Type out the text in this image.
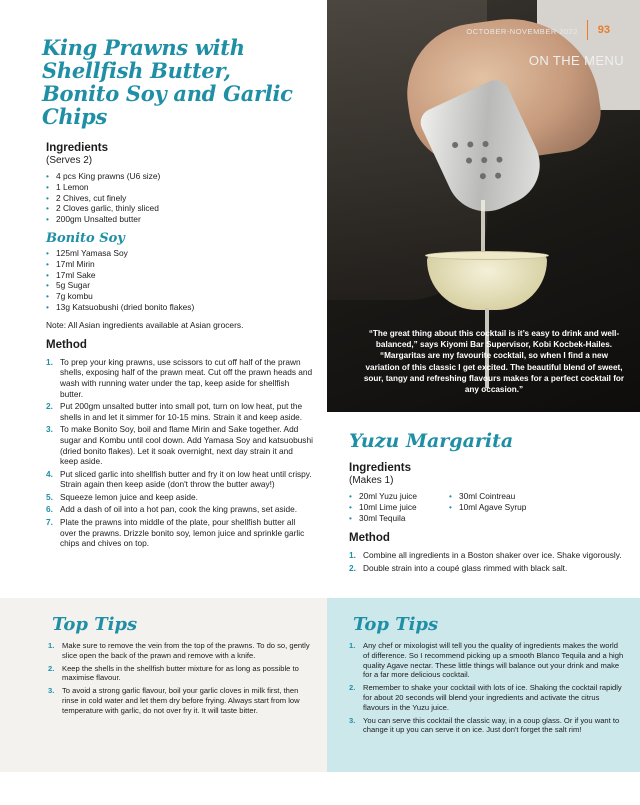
King Prawns with Shellfish Butter, Bonito Soy and Garlic Chips
Ingredients
(Serves 2)
• 4 pcs King prawns (U6 size)
• 1 Lemon
• 2 Chives, cut finely
• 2 Cloves garlic, thinly sliced
• 200gm Unsalted butter
Bonito Soy
• 125ml Yamasa Soy
• 17ml Mirin
• 17ml Sake
• 5g Sugar
• 7g kombu
• 13g Katsuobushi (dried bonito flakes)
Note: All Asian ingredients available at Asian grocers.
Method
1. To prep your king prawns, use scissors to cut off half of the prawn shells, exposing half of the prawn meat. Cut off the prawn heads and wash with running water under the tap, keep aside for shellfish butter.
2. Put 200gm unsalted butter into small pot, turn on low heat, put the shells in and let it simmer for 10-15 mins. Strain it and keep aside.
3. To make Bonito Soy, boil and flame Mirin and Sake together. Add sugar and Kombu until cool down. Add Yamasa Soy and katsuobushi (dried bonito flakes). Let it soak overnight, next day strain it and keep aside.
4. Put sliced garlic into shellfish butter and fry it on low heat until crispy. Strain again then keep aside (don't throw the butter away!)
5. Squeeze lemon juice and keep aside.
6. Add a dash of oil into a hot pan, cook the king prawns, set aside.
7. Plate the prawns into middle of the plate, pour shellfish butter all over the prawns. Drizzle bonito soy, lemon juice and sprinkle garlic chips and chives on top.
OCTOBER-NOVEMBER 2022 93
ON THE MENU
“The great thing about this cocktail is it’s easy to drink and well-balanced,” says Kiyomi Bar Supervisor, Kobi Kocbek-Hailes. “Margaritas are my favourite cocktail, so when I find a new variation of this classic I get excited. The beautiful blend of sweet, sour, tangy and refreshing flavours makes for a perfect cocktail for any occasion.”
Yuzu Margarita
Ingredients
(Makes 1)
• 20ml Yuzu juice
• 10ml Lime juice
• 30ml Tequila
• 30ml Cointreau
• 10ml Agave Syrup
Method
1. Combine all ingredients in a Boston shaker over ice. Shake vigorously.
2. Double strain into a coupé glass rimmed with black salt.
Top Tips
1. Make sure to remove the vein from the top of the prawns. To do so, gently slice open the back of the prawn and remove with a knife.
2. Keep the shells in the shellfish butter mixture for as long as possible to maximise flavour.
3. To avoid a strong garlic flavour, boil your garlic cloves in milk first, then rinse in cold water and let them dry before frying. Always start from low temperature with garlic, do not over fry it. It will taste bitter.
Top Tips
1. Any chef or mixologist will tell you the quality of ingredients makes the world of difference. So I recommend picking up a smooth Blanco Tequila and a high quality Agave nectar. These little things will balance out your drink and make for a far more delicious cocktail.
2. Remember to shake your cocktail with lots of ice. Shaking the cocktail rapidly for about 20 seconds will blend your ingredients and activate the citrus flavours in the Yuzu juice.
3. You can serve this cocktail the classic way, in a coup glass. Or if you want to change it up you can serve it on ice. Just don't forget the salt rim!
